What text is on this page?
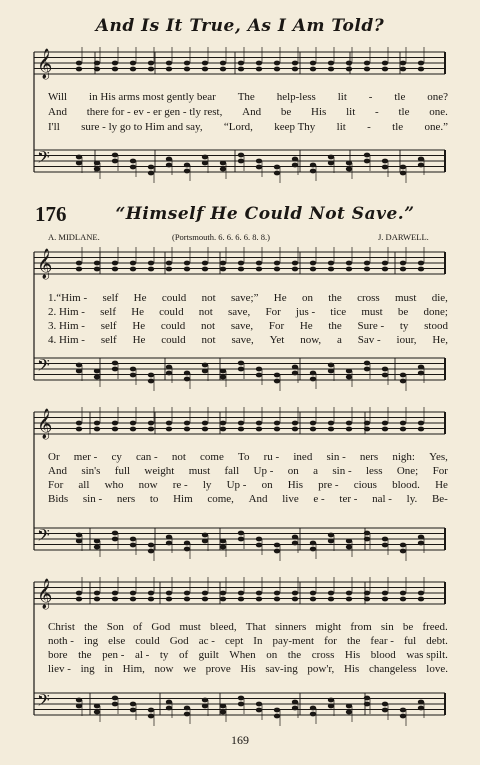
𝄞
𝄢
𝄞
𝄢
𝄞
𝄢
𝄞
𝄢
And Is It True, As I Am Told?
Will in His arms most gently bear The help-less lit - tle one?
And there for - ev - er gen - tly rest, And be His lit - tle one.
I'll sure - ly go to Him and say, “Lord, keep Thy lit - tle one.”
176	“Himself He Could Not Save.”
A. MIDLANE.	(Portsmouth. 6. 6. 6. 6. 8. 8.)	J. DARWELL.
1.“Him - self He could not save;” He on the cross must die,
2. Him - self He could not save, For jus - tice must be done;
3. Him - self He could not save, For He the Sure - ty stood
4. Him - self He could not save, Yet now, a Sav - iour, He,
Or mer - cy can - not come To ru - ined sin - ners nigh: Yes,
And sin's full weight must fall Up - on a sin - less One; For
For all who now re - ly Up - on His pre - cious blood. He
Bids sin - ners to Him come, And live e - ter - nal - ly. Be-
Christ the Son of God must bleed, That sinners might from sin be freed.
noth - ing else could God ac - cept In pay-ment for the fear - ful debt.
bore the pen - al - ty of guilt When on the cross His blood was spilt.
liev - ing in Him, now we prove His sav-ing pow'r, His changeless love.
169
